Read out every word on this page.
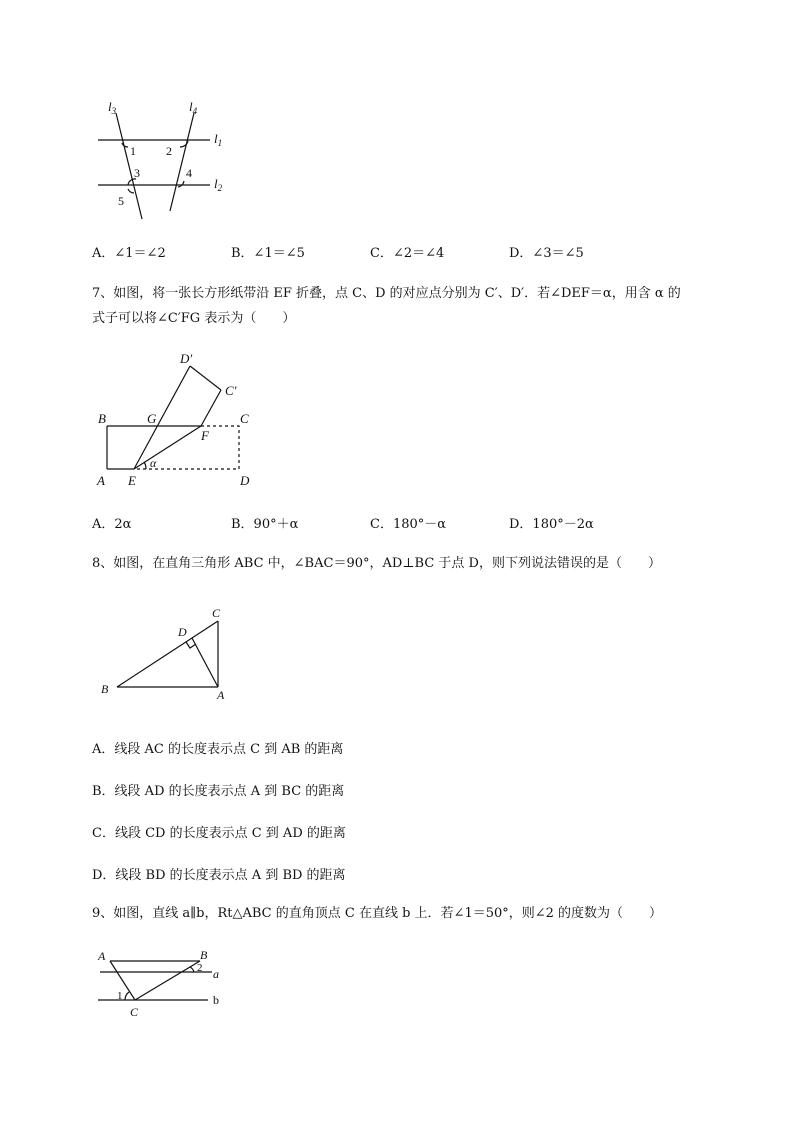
$l_3$	$l_4$
$l_1$
$l_2$
1	2
3	4
5
A．∠1＝∠2	B．∠1＝∠5	C．∠2＝∠4	D．∠3＝∠5
7、如图，将一张长方形纸带沿 EF 折叠，点 C、D 的对应点分别为 C′、D′．若∠DEF＝α，用含 α 的
式子可以将∠C′FG 表示为（　　）
D′
C′
B	G	C
F
A E	D
α
A．2α	B．90°＋α	C．180°－α	D．180°－2α
8、如图，在直角三角形 ABC 中，∠BAC＝90°，AD⊥BC 于点 D，则下列说法错误的是（　　）
C
D
B	A
A．线段 AC 的长度表示点 C 到 AB 的距离
B．线段 AD 的长度表示点 A 到 BC 的距离
C．线段 CD 的长度表示点 C 到 AD 的距离
D．线段 BD 的长度表示点 A 到 BD 的距离
9、如图，直线 a∥b，Rt△ABC 的直角顶点 C 在直线 b 上．若∠1＝50°，则∠2 的度数为（　　）
A	B
2 a
1	b
C
